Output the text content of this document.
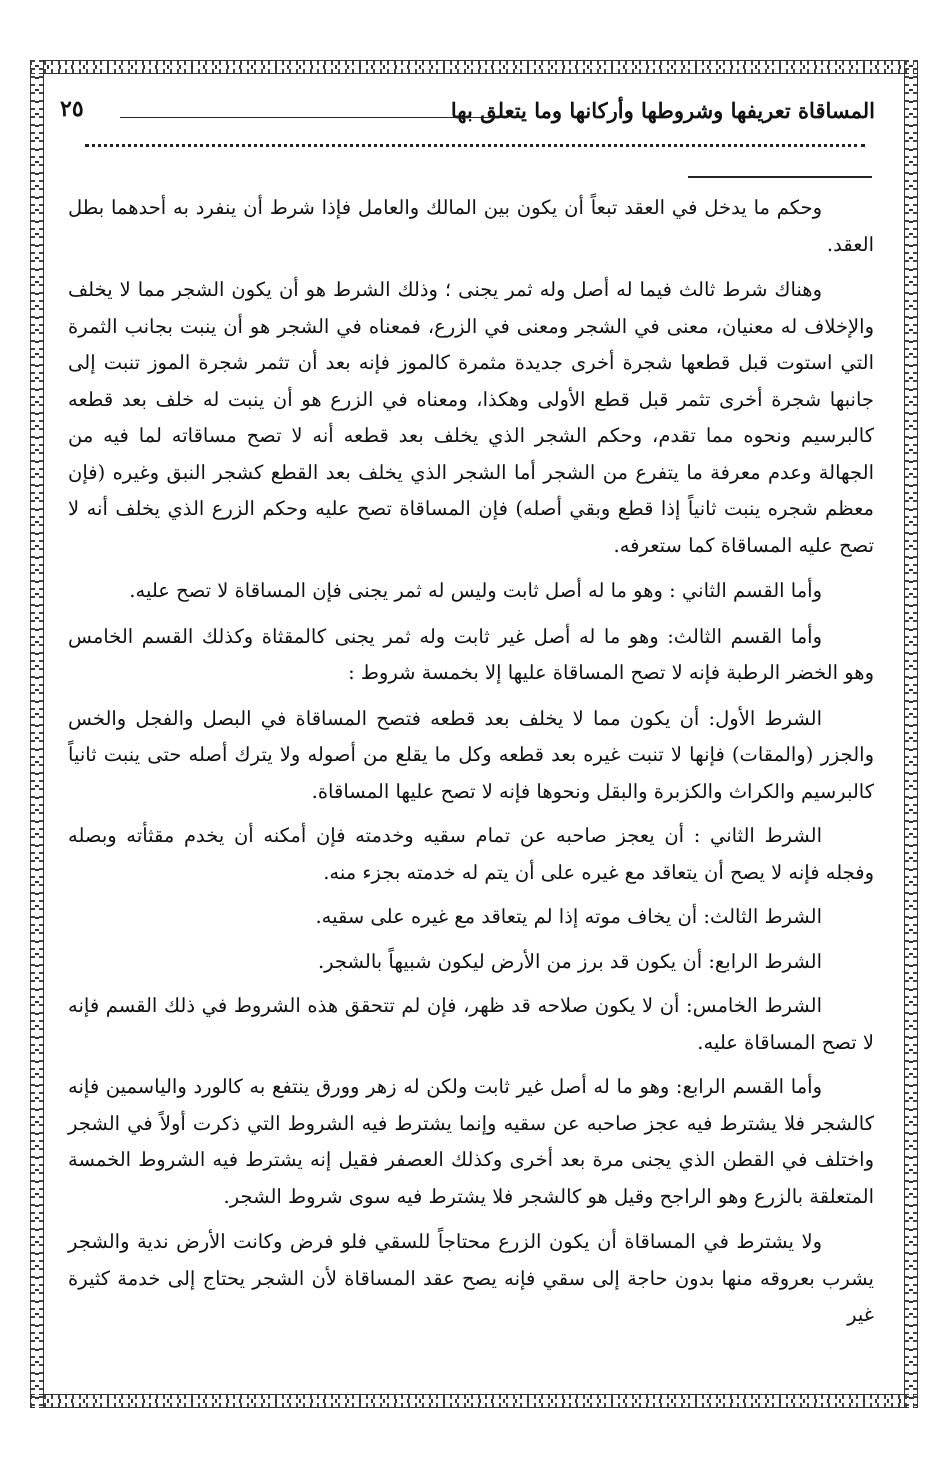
المساقاة تعريفها وشروطها وأركانها وما يتعلق بها
٢٥

وحكم ما يدخل في العقد تبعاً أن يكون بين المالك والعامل فإذا شرط أن ينفرد به أحدهما بطل العقد.

وهناك شرط ثالث فيما له أصل وله ثمر يجنى ؛ وذلك الشرط هو أن يكون الشجر مما لا يخلف والإخلاف له معنيان، معنى في الشجر ومعنى في الزرع، فمعناه في الشجر هو أن ينبت بجانب الثمرة التي استوت قبل قطعها شجرة أخرى جديدة مثمرة كالموز فإنه بعد أن تثمر شجرة الموز تنبت إلى جانبها شجرة أخرى تثمر قبل قطع الأولى وهكذا، ومعناه في الزرع هو أن ينبت له خلف بعد قطعه كالبرسيم ونحوه مما تقدم، وحكم الشجر الذي يخلف بعد قطعه أنه لا تصح مساقاته لما فيه من الجهالة وعدم معرفة ما يتفرع من الشجر أما الشجر الذي يخلف بعد القطع كشجر النبق وغيره (فإن معظم شجره ينبت ثانياً إذا قطع وبقي أصله) فإن المساقاة تصح عليه وحكم الزرع الذي يخلف أنه لا تصح عليه المساقاة كما ستعرفه.

وأما القسم الثاني : وهو ما له أصل ثابت وليس له ثمر يجنى فإن المساقاة لا تصح عليه.

وأما القسم الثالث: وهو ما له أصل غير ثابت وله ثمر يجنى كالمقثاة وكذلك القسم الخامس وهو الخضر الرطبة فإنه لا تصح المساقاة عليها إلا بخمسة شروط :

الشرط الأول: أن يكون مما لا يخلف بعد قطعه فتصح المساقاة في البصل والفجل والخس والجزر (والمقات) فإنها لا تنبت غيره بعد قطعه وكل ما يقلع من أصوله ولا يترك أصله حتى ينبت ثانياً كالبرسيم والكراث والكزبرة والبقل ونحوها فإنه لا تصح عليها المساقاة.

الشرط الثاني : أن يعجز صاحبه عن تمام سقيه وخدمته فإن أمكنه أن يخدم مقثأته وبصله وفجله فإنه لا يصح أن يتعاقد مع غيره على أن يتم له خدمته بجزء منه.

الشرط الثالث: أن يخاف موته إذا لم يتعاقد مع غيره على سقيه.

الشرط الرابع: أن يكون قد برز من الأرض ليكون شبيهاً بالشجر.

الشرط الخامس: أن لا يكون صلاحه قد ظهر، فإن لم تتحقق هذه الشروط في ذلك القسم فإنه لا تصح المساقاة عليه.

وأما القسم الرابع: وهو ما له أصل غير ثابت ولكن له زهر وورق ينتفع به كالورد والياسمين فإنه كالشجر فلا يشترط فيه عجز صاحبه عن سقيه وإنما يشترط فيه الشروط التي ذكرت أولاً في الشجر واختلف في القطن الذي يجنى مرة بعد أخرى وكذلك العصفر فقيل إنه يشترط فيه الشروط الخمسة المتعلقة بالزرع وهو الراجح وقيل هو كالشجر فلا يشترط فيه سوى شروط الشجر.

ولا يشترط في المساقاة أن يكون الزرع محتاجاً للسقي فلو فرض وكانت الأرض ندية والشجر يشرب بعروقه منها بدون حاجة إلى سقي فإنه يصح عقد المساقاة لأن الشجر يحتاج إلى خدمة كثيرة غير
